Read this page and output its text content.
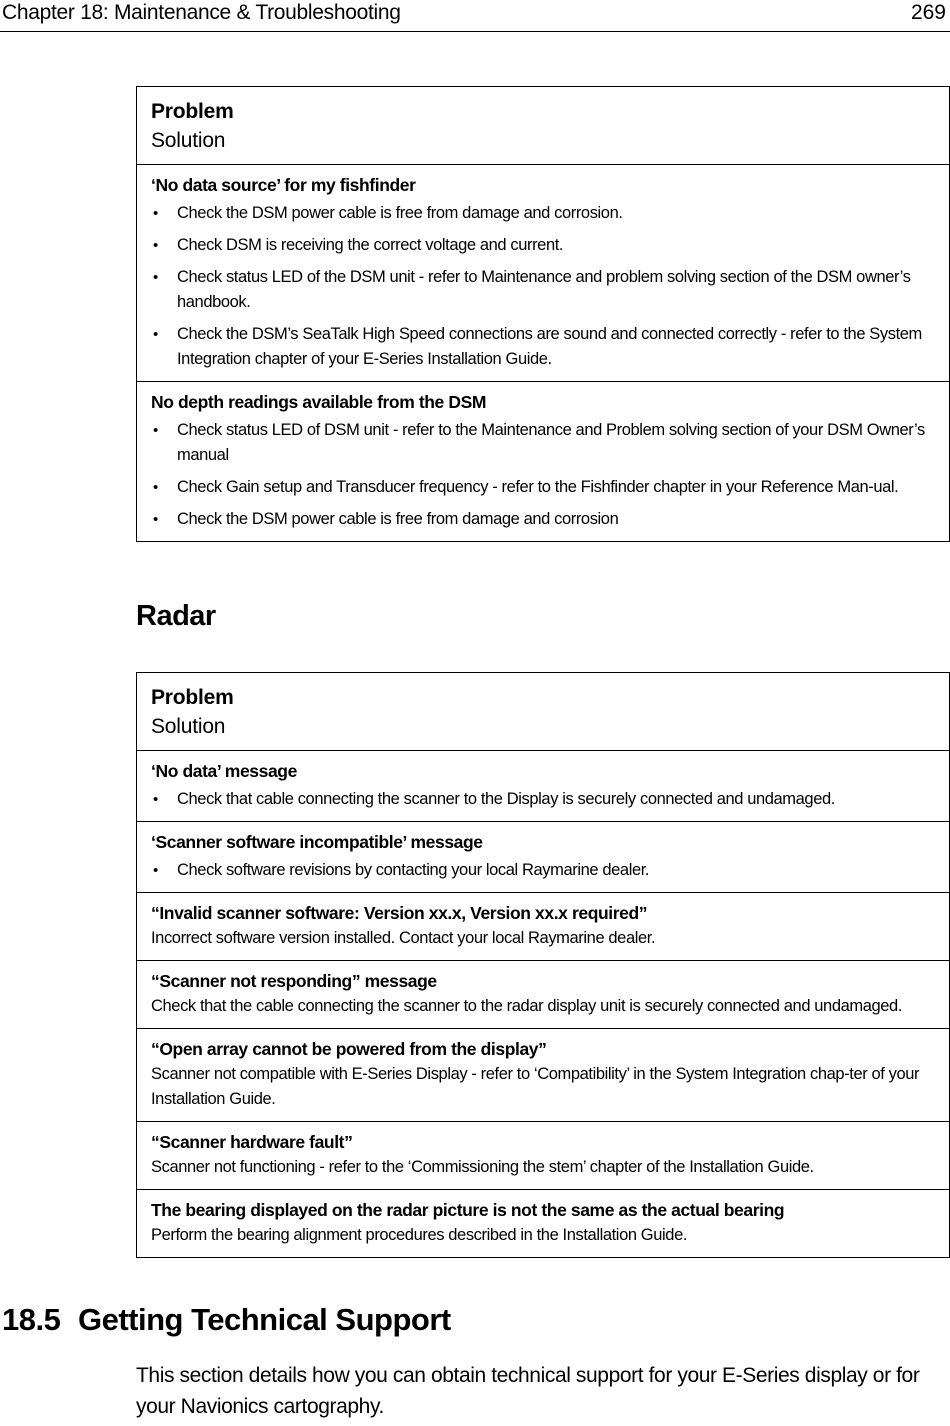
Chapter 18: Maintenance & Troubleshooting	269
Problem
Solution

‘No data source’ for my fishfinder
• Check the DSM power cable is free from damage and corrosion.
• Check DSM is receiving the correct voltage and current.
• Check status LED of the DSM unit - refer to Maintenance and problem solving section of the DSM owner’s handbook.
• Check the DSM’s SeaTalk High Speed connections are sound and connected correctly - refer to the System Integration chapter of your E-Series Installation Guide.

No depth readings available from the DSM
• Check status LED of DSM unit - refer to the Maintenance and Problem solving section of your DSM Owner’s manual
• Check Gain setup and Transducer frequency - refer to the Fishfinder chapter in your Reference Man-ual.
• Check the DSM power cable is free from damage and corrosion
Radar
Problem
Solution

‘No data’ message
• Check that cable connecting the scanner to the Display is securely connected and undamaged.

‘Scanner software incompatible’ message
• Check software revisions by contacting your local Raymarine dealer.

“Invalid scanner software: Version xx.x, Version xx.x required”
Incorrect software version installed. Contact your local Raymarine dealer.

“Scanner not responding” message
Check that the cable connecting the scanner to the radar display unit is securely connected and undamaged.

“Open array cannot be powered from the display”
Scanner not compatible with E-Series Display - refer to ‘Compatibility’ in the System Integration chap-ter of your Installation Guide.

“Scanner hardware fault”
Scanner not functioning - refer to the ‘Commissioning the stem’ chapter of the Installation Guide.

The bearing displayed on the radar picture is not the same as the actual bearing
Perform the bearing alignment procedures described in the Installation Guide.
18.5 Getting Technical Support
This section details how you can obtain technical support for your E-Series display or for your Navionics cartography.
